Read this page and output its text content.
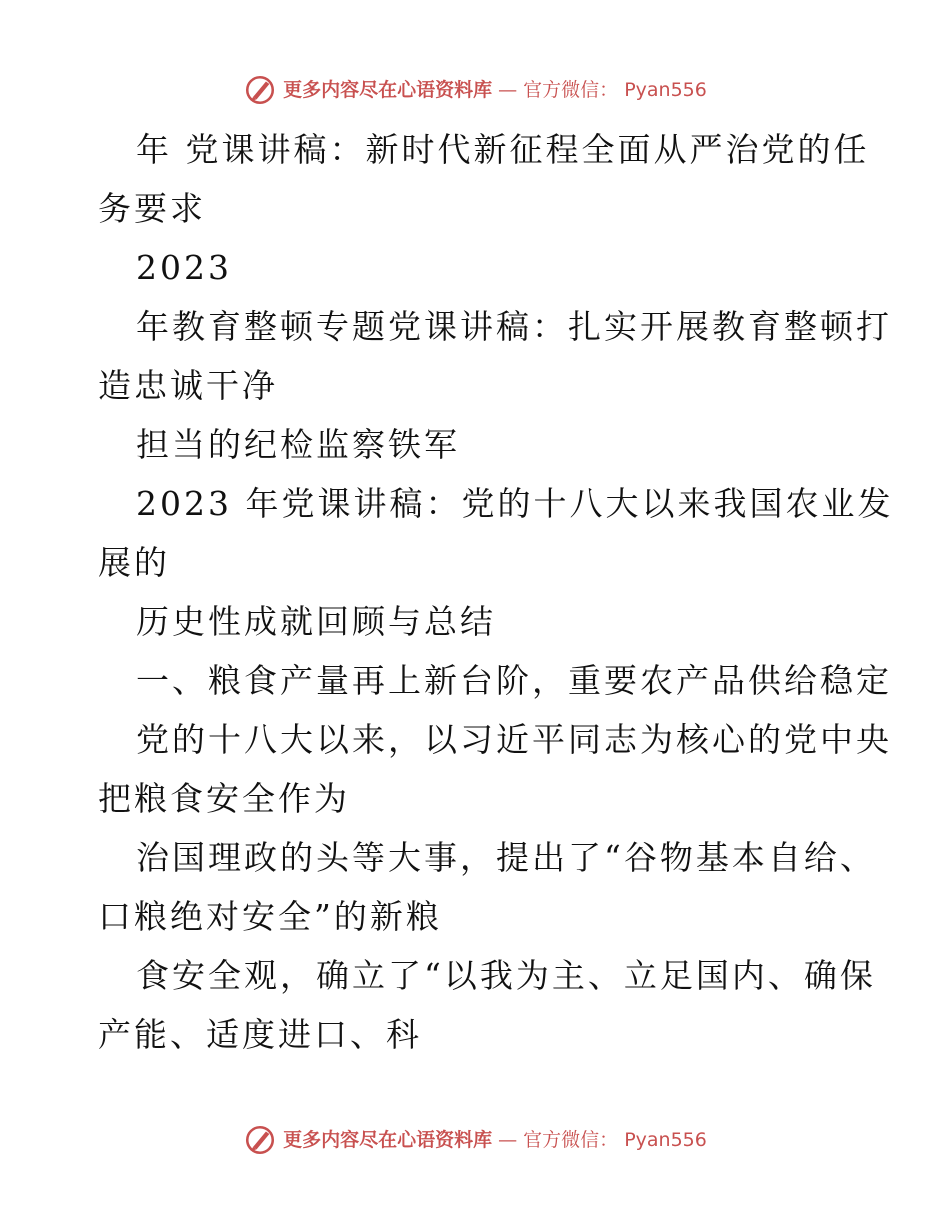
更多内容尽在心语资料库 — 官方微信： Pyan556
年 党课讲稿：新时代新征程全面从严治党的任
务要求
2023
年教育整顿专题党课讲稿：扎实开展教育整顿打
造忠诚干净
担当的纪检监察铁军
2023 年党课讲稿：党的十八大以来我国农业发
展的
历史性成就回顾与总结
一、粮食产量再上新台阶，重要农产品供给稳定
党的十八大以来，以习近平同志为核心的党中央
把粮食安全作为
治国理政的头等大事，提出了“谷物基本自给、
口粮绝对安全”的新粮
食安全观，确立了“以我为主、立足国内、确保
产能、适度进口、科
更多内容尽在心语资料库 — 官方微信： Pyan556
